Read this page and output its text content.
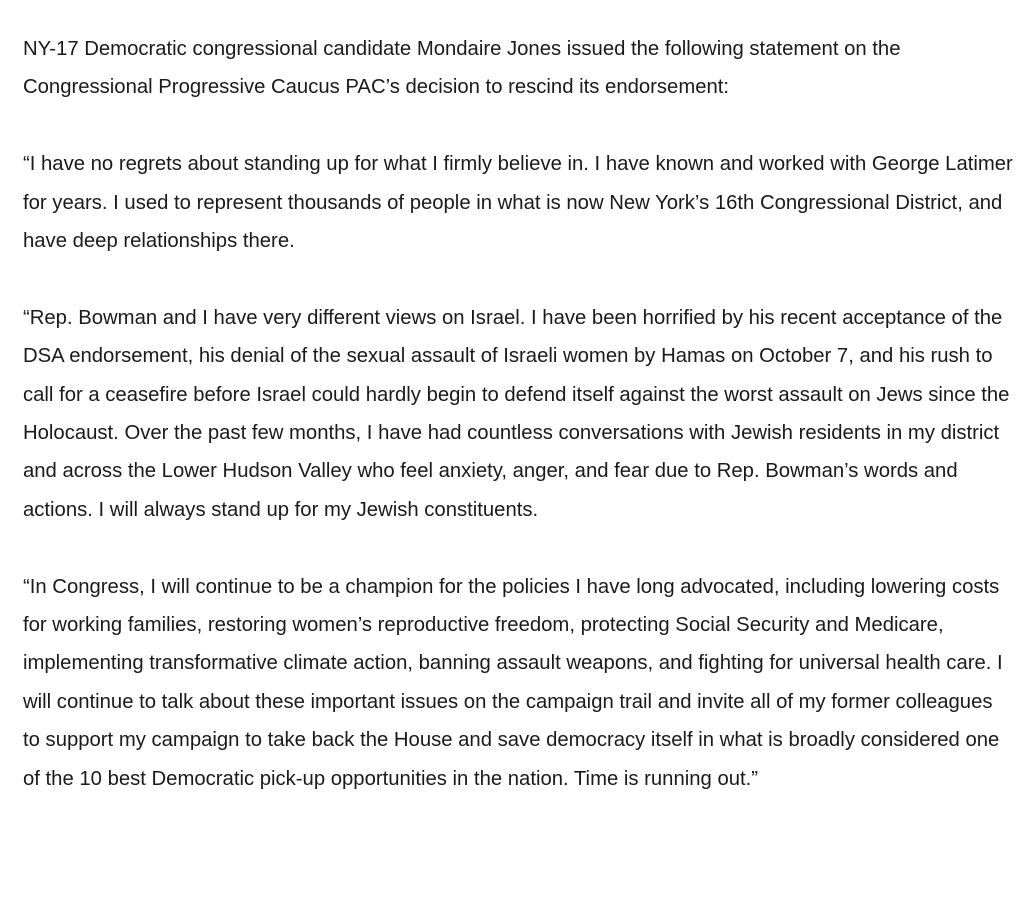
NY-17 Democratic congressional candidate Mondaire Jones issued the following statement on the Congressional Progressive Caucus PAC’s decision to rescind its endorsement:

“I have no regrets about standing up for what I firmly believe in. I have known and worked with George Latimer for years. I used to represent thousands of people in what is now New York’s 16th Congressional District, and have deep relationships there.

“Rep. Bowman and I have very different views on Israel. I have been horrified by his recent acceptance of the DSA endorsement, his denial of the sexual assault of Israeli women by Hamas on October 7, and his rush to call for a ceasefire before Israel could hardly begin to defend itself against the worst assault on Jews since the Holocaust. Over the past few months, I have had countless conversations with Jewish residents in my district and across the Lower Hudson Valley who feel anxiety, anger, and fear due to Rep. Bowman’s words and actions. I will always stand up for my Jewish constituents.

“In Congress, I will continue to be a champion for the policies I have long advocated, including lowering costs for working families, restoring women’s reproductive freedom, protecting Social Security and Medicare, implementing transformative climate action, banning assault weapons, and fighting for universal health care. I will continue to talk about these important issues on the campaign trail and invite all of my former colleagues to support my campaign to take back the House and save democracy itself in what is broadly considered one of the 10 best Democratic pick-up opportunities in the nation. Time is running out.”
